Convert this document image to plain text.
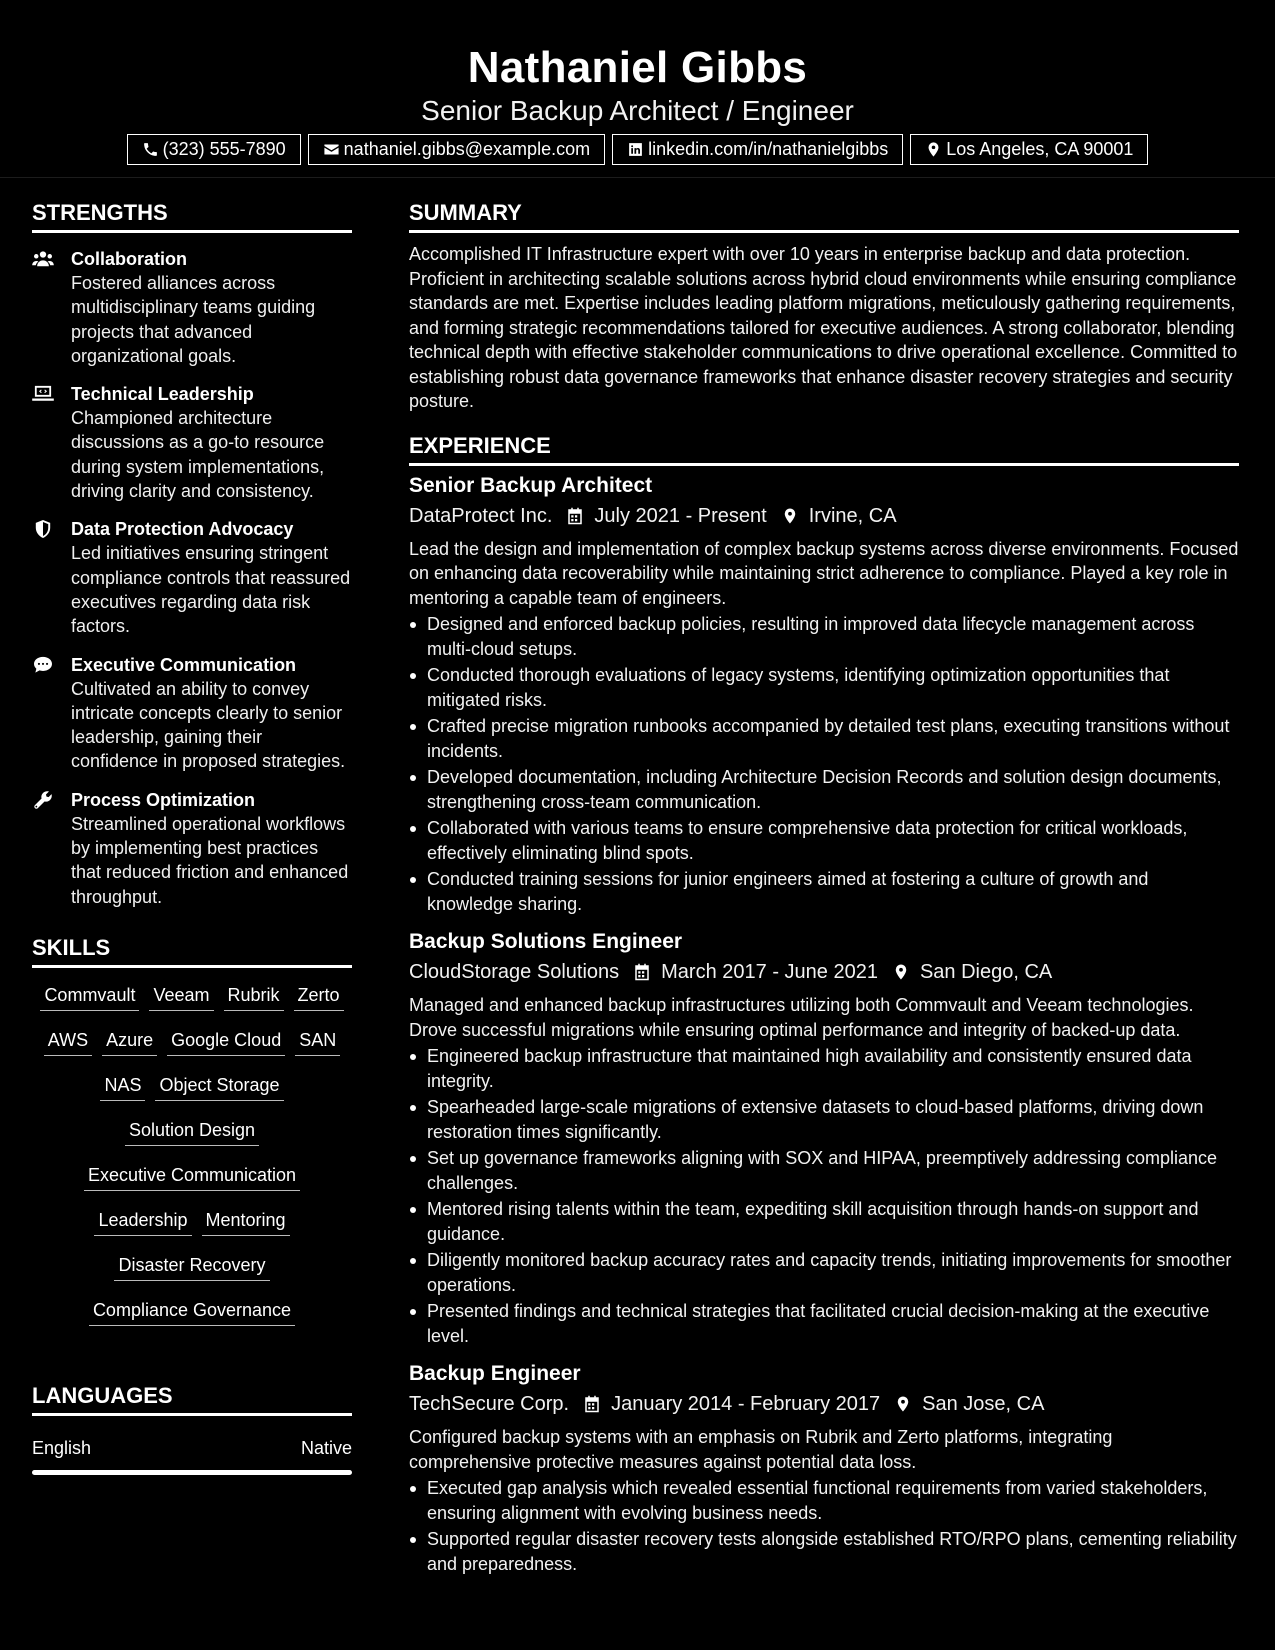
Nathaniel Gibbs
Senior Backup Architect / Engineer
(323) 555-7890	nathaniel.gibbs@example.com	linkedin.com/in/nathanielgibbs	Los Angeles, CA 90001
STRENGTHS
Collaboration
Fostered alliances across multidisciplinary teams guiding projects that advanced organizational goals.
Technical Leadership
Championed architecture discussions as a go-to resource during system implementations, driving clarity and consistency.
Data Protection Advocacy
Led initiatives ensuring stringent compliance controls that reassured executives regarding data risk factors.
Executive Communication
Cultivated an ability to convey intricate concepts clearly to senior leadership, gaining their confidence in proposed strategies.
Process Optimization
Streamlined operational workflows by implementing best practices that reduced friction and enhanced throughput.
SKILLS
Commvault Veeam Rubrik Zerto
AWS Azure Google Cloud SAN
NAS Object Storage
Solution Design
Executive Communication
Leadership Mentoring
Disaster Recovery
Compliance Governance
LANGUAGES
English	Native
SUMMARY
Accomplished IT Infrastructure expert with over 10 years in enterprise backup and data protection. Proficient in architecting scalable solutions across hybrid cloud environments while ensuring compliance standards are met. Expertise includes leading platform migrations, meticulously gathering requirements, and forming strategic recommendations tailored for executive audiences. A strong collaborator, blending technical depth with effective stakeholder communications to drive operational excellence. Committed to establishing robust data governance frameworks that enhance disaster recovery strategies and security posture.
EXPERIENCE
Senior Backup Architect
DataProtect Inc. July 2021 - Present Irvine, CA
Lead the design and implementation of complex backup systems across diverse environments. Focused on enhancing data recoverability while maintaining strict adherence to compliance. Played a key role in mentoring a capable team of engineers.
Designed and enforced backup policies, resulting in improved data lifecycle management across multi-cloud setups.
Conducted thorough evaluations of legacy systems, identifying optimization opportunities that mitigated risks.
Crafted precise migration runbooks accompanied by detailed test plans, executing transitions without incidents.
Developed documentation, including Architecture Decision Records and solution design documents, strengthening cross-team communication.
Collaborated with various teams to ensure comprehensive data protection for critical workloads, effectively eliminating blind spots.
Conducted training sessions for junior engineers aimed at fostering a culture of growth and knowledge sharing.
Backup Solutions Engineer
CloudStorage Solutions March 2017 - June 2021 San Diego, CA
Managed and enhanced backup infrastructures utilizing both Commvault and Veeam technologies. Drove successful migrations while ensuring optimal performance and integrity of backed-up data.
Engineered backup infrastructure that maintained high availability and consistently ensured data integrity.
Spearheaded large-scale migrations of extensive datasets to cloud-based platforms, driving down restoration times significantly.
Set up governance frameworks aligning with SOX and HIPAA, preemptively addressing compliance challenges.
Mentored rising talents within the team, expediting skill acquisition through hands-on support and guidance.
Diligently monitored backup accuracy rates and capacity trends, initiating improvements for smoother operations.
Presented findings and technical strategies that facilitated crucial decision-making at the executive level.
Backup Engineer
TechSecure Corp. January 2014 - February 2017 San Jose, CA
Configured backup systems with an emphasis on Rubrik and Zerto platforms, integrating comprehensive protective measures against potential data loss.
Executed gap analysis which revealed essential functional requirements from varied stakeholders, ensuring alignment with evolving business needs.
Supported regular disaster recovery tests alongside established RTO/RPO plans, cementing reliability and preparedness.
